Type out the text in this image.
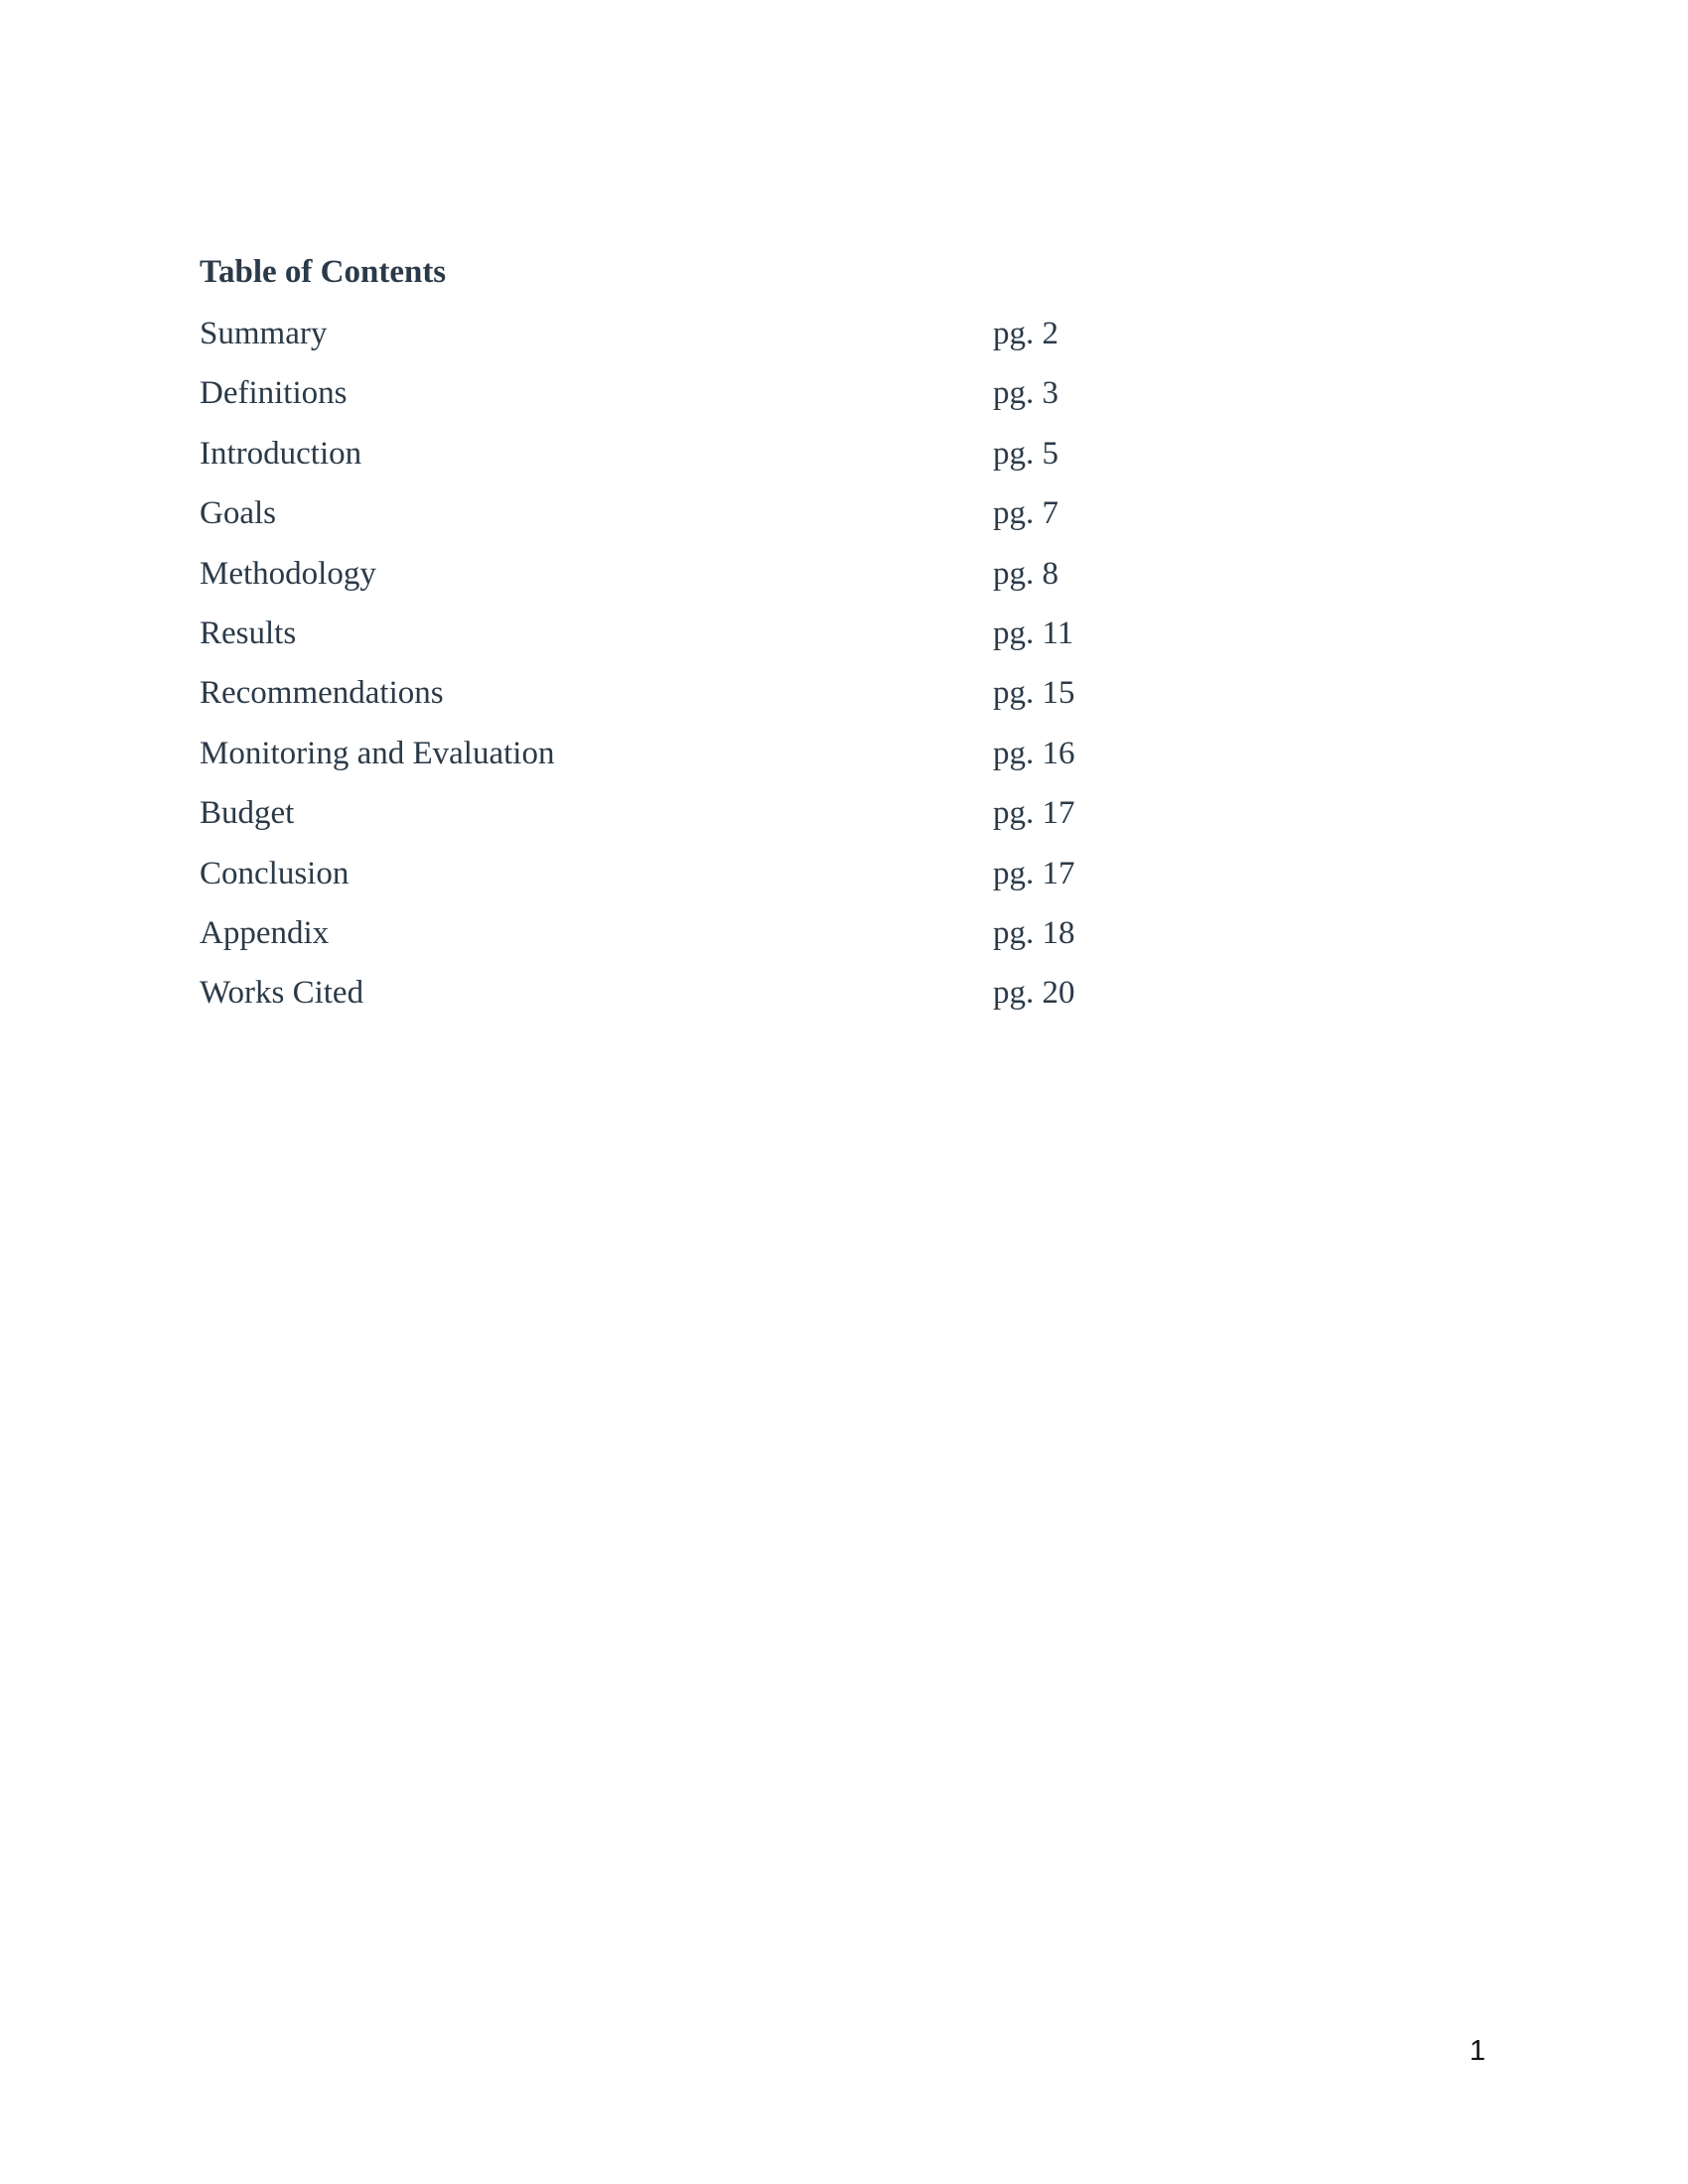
Table of Contents
Summary	pg. 2
Definitions	pg. 3
Introduction	pg. 5
Goals	pg. 7
Methodology	pg. 8
Results	pg. 11
Recommendations	pg. 15
Monitoring and Evaluation	pg. 16
Budget	pg. 17
Conclusion	pg. 17
Appendix	pg. 18
Works Cited	pg. 20
1
